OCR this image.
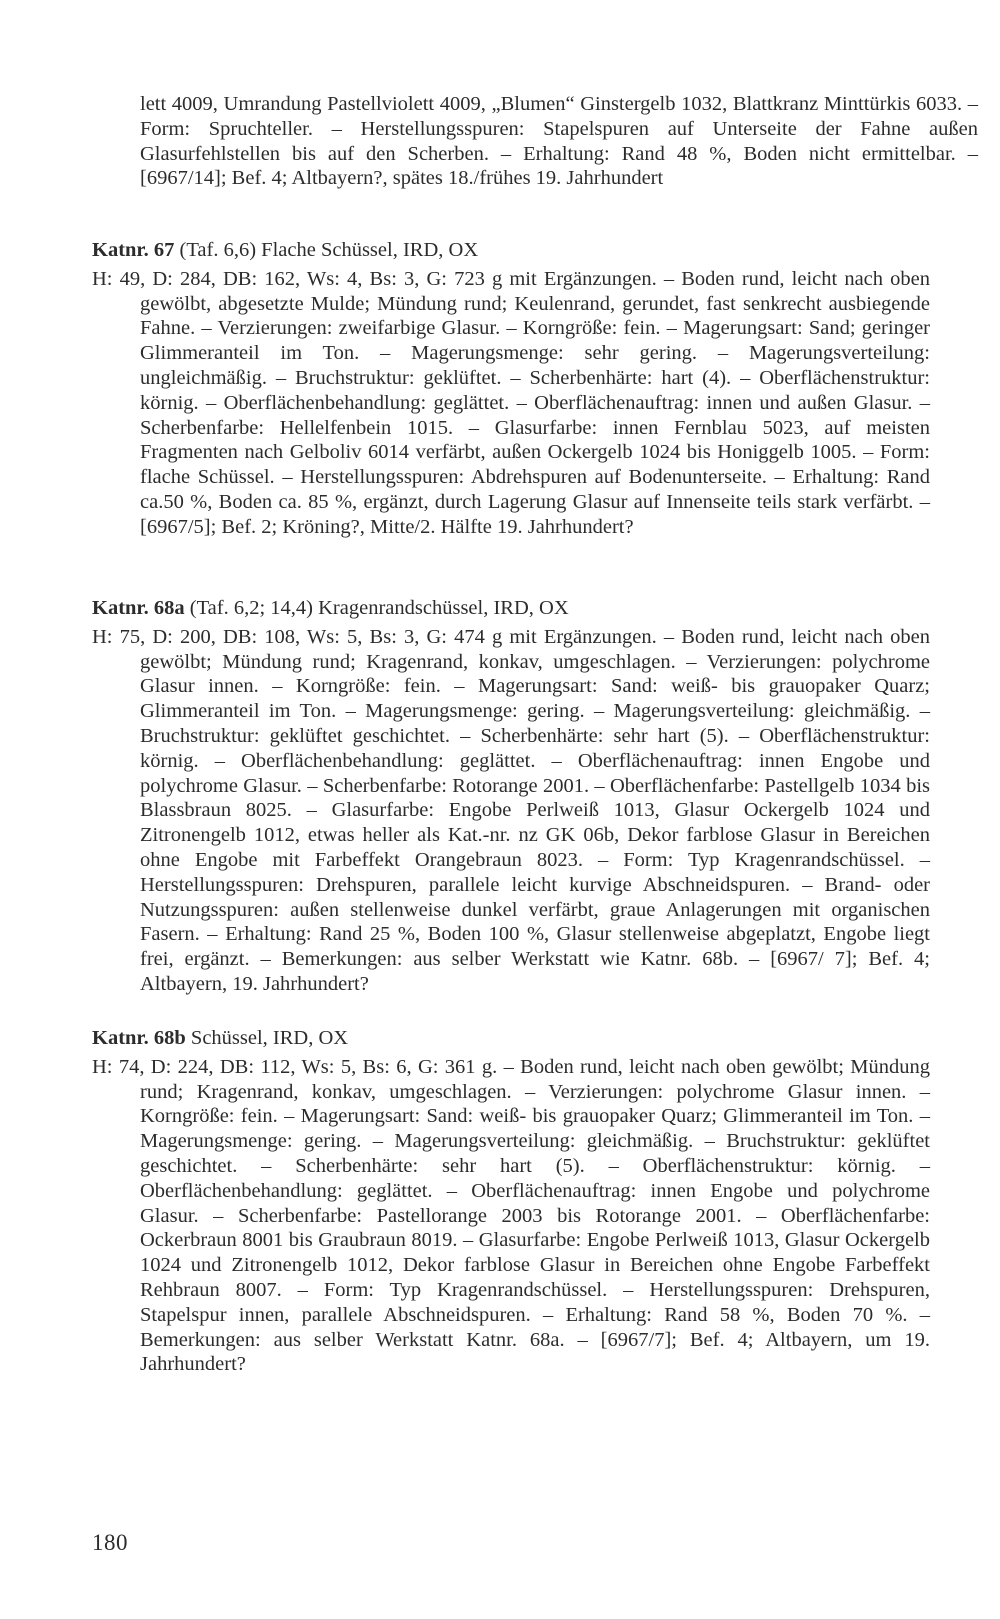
lett 4009, Umrandung Pastellviolett 4009, „Blumen“ Ginstergelb 1032, Blattkranz Minttürkis 6033. – Form: Spruchteller. – Herstellungsspuren: Stapelspuren auf Unterseite der Fahne außen Glasurfehlstellen bis auf den Scherben. – Erhaltung: Rand 48 %, Boden nicht ermittelbar. – [6967/14]; Bef. 4; Altbayern?, spätes 18./frühes 19. Jahrhundert

Katnr. 67 (Taf. 6,6) Flache Schüssel, IRD, OX

H: 49, D: 284, DB: 162, Ws: 4, Bs: 3, G: 723 g mit Ergänzungen. – Boden rund, leicht nach oben gewölbt, abgesetzte Mulde; Mündung rund; Keulenrand, gerundet, fast senkrecht ausbiegende Fahne. – Verzierungen: zweifarbige Glasur. – Korngröße: fein. – Magerungsart: Sand; geringer Glimmeranteil im Ton. – Magerungsmenge: sehr gering. – Magerungsverteilung: ungleichmäßig. – Bruchstruktur: geklüftet. – Scherbenhärte: hart (4). – Oberflächenstruktur: körnig. – Oberflächenbehandlung: geglättet. – Oberflächenauftrag: innen und außen Glasur. – Scherbenfarbe: Hellelfenbein 1015. – Glasurfarbe: innen Fernblau 5023, auf meisten Fragmenten nach Gelboliv 6014 verfärbt, außen Ockergelb 1024 bis Honiggelb 1005. – Form: flache Schüssel. – Herstellungsspuren: Abdrehspuren auf Bodenunterseite. – Erhaltung: Rand ca.50 %, Boden ca. 85 %, ergänzt, durch Lagerung Glasur auf Innenseite teils stark verfärbt. – [6967/5]; Bef. 2; Kröning?, Mitte/2. Hälfte 19. Jahrhundert?

Katnr. 68a (Taf. 6,2; 14,4) Kragenrandschüssel, IRD, OX

H: 75, D: 200, DB: 108, Ws: 5, Bs: 3, G: 474 g mit Ergänzungen. – Boden rund, leicht nach oben gewölbt; Mündung rund; Kragenrand, konkav, umgeschlagen. – Verzierungen: polychrome Glasur innen. – Korngröße: fein. – Magerungsart: Sand: weiß- bis grauopaker Quarz; Glimmeranteil im Ton. – Magerungsmenge: gering. – Magerungsverteilung: gleichmäßig. – Bruchstruktur: geklüftet geschichtet. – Scherbenhärte: sehr hart (5). – Oberflächenstruktur: körnig. – Oberflächenbehandlung: geglättet. – Oberflächenauftrag: innen Engobe und polychrome Glasur. – Scherbenfarbe: Rotorange 2001. – Oberflächenfarbe: Pastellgelb 1034 bis Blassbraun 8025. – Glasurfarbe: Engobe Perlweiß 1013, Glasur Ockergelb 1024 und Zitronengelb 1012, etwas heller als Kat.-nr. nz GK 06b, Dekor farblose Glasur in Bereichen ohne Engobe mit Farbeffekt Orangebraun 8023. – Form: Typ Kragenrandschüssel. – Herstellungsspuren: Drehspuren, parallele leicht kurvige Abschneidspuren. – Brand- oder Nutzungsspuren: außen stellenweise dunkel verfärbt, graue Anlagerungen mit organischen Fasern. – Erhaltung: Rand 25 %, Boden 100 %, Glasur stellenweise abgeplatzt, Engobe liegt frei, ergänzt. – Bemerkungen: aus selber Werkstatt wie Katnr. 68b. – [6967/ 7]; Bef. 4; Altbayern, 19. Jahrhundert?

Katnr. 68b Schüssel, IRD, OX

H: 74, D: 224, DB: 112, Ws: 5, Bs: 6, G: 361 g. – Boden rund, leicht nach oben gewölbt; Mündung rund; Kragenrand, konkav, umgeschlagen. – Verzierungen: polychrome Glasur innen. – Korngröße: fein. – Magerungsart: Sand: weiß- bis grauopaker Quarz; Glimmeranteil im Ton. – Magerungsmenge: gering. – Magerungsverteilung: gleichmäßig. – Bruchstruktur: geklüftet geschichtet. – Scherbenhärte: sehr hart (5). – Oberflächenstruktur: körnig. – Oberflächenbehandlung: geglättet. – Oberflächenauftrag: innen Engobe und polychrome Glasur. – Scherbenfarbe: Pastellorange 2003 bis Rotorange 2001. – Oberflächenfarbe: Ockerbraun 8001 bis Graubraun 8019. – Glasurfarbe: Engobe Perlweiß 1013, Glasur Ockergelb 1024 und Zitronengelb 1012, Dekor farblose Glasur in Bereichen ohne Engobe Farbeffekt Rehbraun 8007. – Form: Typ Kragenrandschüssel. – Herstellungsspuren: Drehspuren, Stapelspur innen, parallele Abschneidspuren. – Erhaltung: Rand 58 %, Boden 70 %. – Bemerkungen: aus selber Werkstatt Katnr. 68a. – [6967/7]; Bef. 4; Altbayern, um 19. Jahrhundert?

180
